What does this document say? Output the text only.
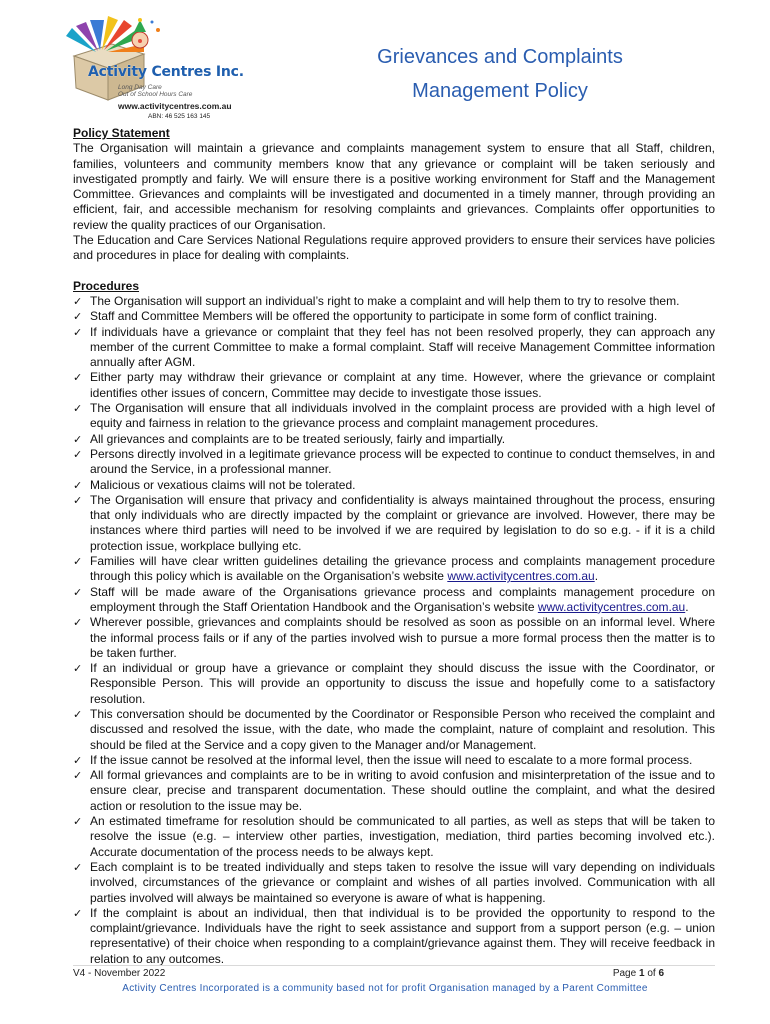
Activity Centres Inc.
Long Day Care
Out of School Hours Care
www.activitycentres.com.au
ABN: 46 525 163 145
Grievances and Complaints
Management Policy
Policy Statement

The Organisation will maintain a grievance and complaints management system to ensure that all Staff, children, families, volunteers and community members know that any grievance or complaint will be taken seriously and investigated promptly and fairly. We will ensure there is a positive working environment for Staff and the Management Committee. Grievances and complaints will be investigated and documented in a timely manner, through providing an efficient, fair, and accessible mechanism for resolving complaints and grievances. Complaints offer opportunities to review the quality practices of our Organisation.

The Education and Care Services National Regulations require approved providers to ensure their services have policies and procedures in place for dealing with complaints.

Procedures
✓ The Organisation will support an individual’s right to make a complaint and will help them to try to resolve them.
✓ Staff and Committee Members will be offered the opportunity to participate in some form of conflict training.
✓ If individuals have a grievance or complaint that they feel has not been resolved properly, they can approach any member of the current Committee to make a formal complaint. Staff will receive Management Committee information annually after AGM.
✓ Either party may withdraw their grievance or complaint at any time. However, where the grievance or complaint identifies other issues of concern, Committee may decide to investigate those issues.
✓ The Organisation will ensure that all individuals involved in the complaint process are provided with a high level of equity and fairness in relation to the grievance process and complaint management procedures.
✓ All grievances and complaints are to be treated seriously, fairly and impartially.
✓ Persons directly involved in a legitimate grievance process will be expected to continue to conduct themselves, in and around the Service, in a professional manner.
✓ Malicious or vexatious claims will not be tolerated.
✓ The Organisation will ensure that privacy and confidentiality is always maintained throughout the process, ensuring that only individuals who are directly impacted by the complaint or grievance are involved. However, there may be instances where third parties will need to be involved if we are required by legislation to do so e.g. - if it is a child protection issue, workplace bullying etc.
✓ Families will have clear written guidelines detailing the grievance process and complaints management procedure through this policy which is available on the Organisation’s website www.activitycentres.com.au.
✓ Staff will be made aware of the Organisations grievance process and complaints management procedure on employment through the Staff Orientation Handbook and the Organisation’s website www.activitycentres.com.au.
✓ Wherever possible, grievances and complaints should be resolved as soon as possible on an informal level. Where the informal process fails or if any of the parties involved wish to pursue a more formal process then the matter is to be taken further.
✓ If an individual or group have a grievance or complaint they should discuss the issue with the Coordinator, or Responsible Person. This will provide an opportunity to discuss the issue and hopefully come to a satisfactory resolution.
✓ This conversation should be documented by the Coordinator or Responsible Person who received the complaint and discussed and resolved the issue, with the date, who made the complaint, nature of complaint and resolution. This should be filed at the Service and a copy given to the Manager and/or Management.
✓ If the issue cannot be resolved at the informal level, then the issue will need to escalate to a more formal process.
✓ All formal grievances and complaints are to be in writing to avoid confusion and misinterpretation of the issue and to ensure clear, precise and transparent documentation. These should outline the complaint, and what the desired action or resolution to the issue may be.
✓ An estimated timeframe for resolution should be communicated to all parties, as well as steps that will be taken to resolve the issue (e.g. – interview other parties, investigation, mediation, third parties becoming involved etc.). Accurate documentation of the process needs to be always kept.
✓ Each complaint is to be treated individually and steps taken to resolve the issue will vary depending on individuals involved, circumstances of the grievance or complaint and wishes of all parties involved. Communication with all parties involved will always be maintained so everyone is aware of what is happening.
✓ If the complaint is about an individual, then that individual is to be provided the opportunity to respond to the complaint/grievance. Individuals have the right to seek assistance and support from a support person (e.g. – union representative) of their choice when responding to a complaint/grievance against them. They will receive feedback in relation to any outcomes.
V4 - November 2022	Page 1 of 6
Activity Centres Incorporated is a community based not for profit Organisation managed by a Parent Committee
